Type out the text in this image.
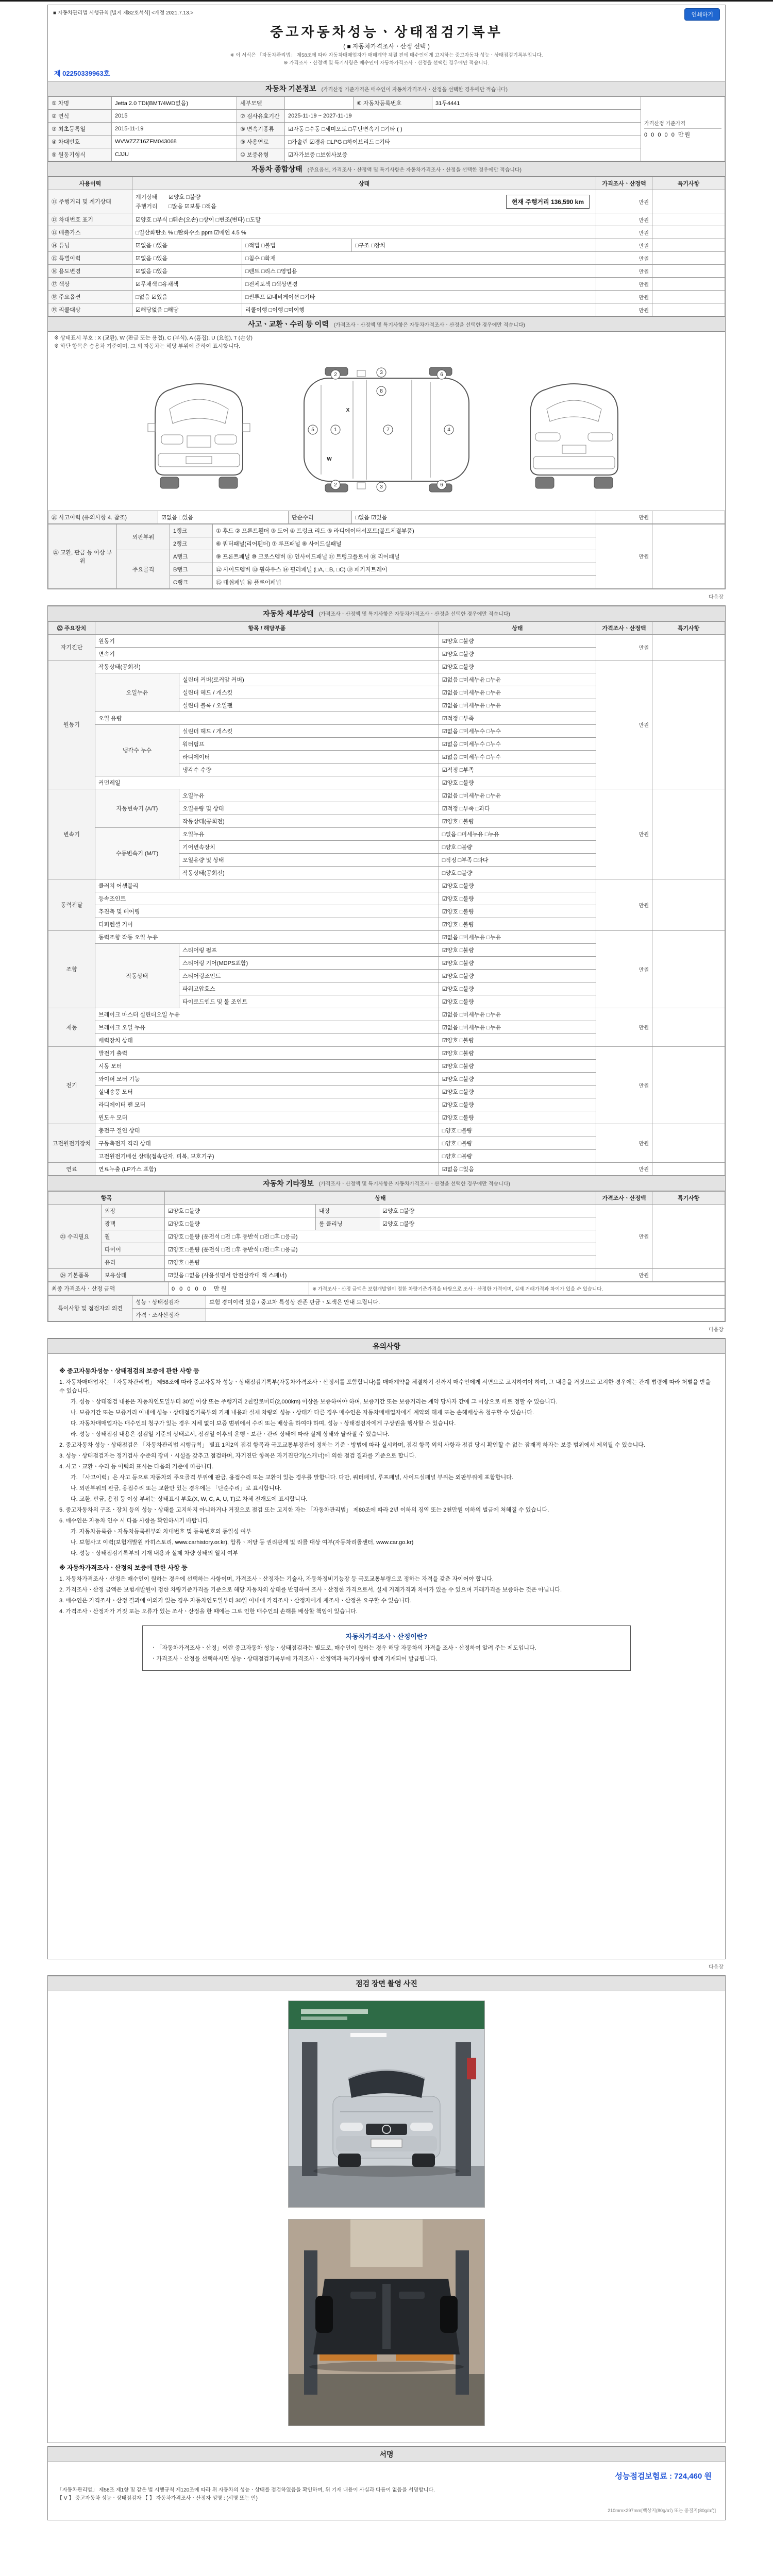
■ 자동차관리법 시행규칙 [별지 제82호서식] <개정 2021.7.13.>	인쇄하기
중고자동차성능ㆍ상태점검기록부
( ■ 자동차가격조사ㆍ산정 선택 )
※ 이 서식은 「자동차관리법」 제58조에 따라 자동차매매업자가 매매계약 체결 전에 매수인에게 고지하는 중고자동차 성능ㆍ상태점검기록부입니다.
※ 가격조사ㆍ산정액 및 특기사항은 매수인이 자동차가격조사ㆍ산정을 선택한 경우에만 적습니다.
제 02250339963호
자동차 기본정보 (가격산정 기준가격은 매수인이 자동차가격조사ㆍ산정을 선택한 경우에만 적습니다)
① 차명	Jetta 2.0 TDI(BMT/4WD없음)	세부모델		⑥ 자동차등록번호	31두4441	가격산정 기준가격
0 0 0 0 0 만원

② 연식	2015	⑦ 검사유효기간	2025-11-19 ~ 2027-11-19			
③ 최초등록일	2015-11-19	⑧ 변속기종류	☑자동 □수동 □세미오토 □무단변속기 □기타 ( )			
④ 차대번호	WVWZZZ16ZFM043068	⑨ 사용연료	□가솔린 ☑경유 □LPG □하이브리드 □기타			
⑤ 원동기형식	CJJU	⑩ 보증유형	☑자가보증 □보험사보증			
자동차 종합상태 (주요옵션, 가격조사ㆍ산정액 및 특기사항은 자동차가격조사ㆍ산정을 선택한 경우에만 적습니다)
사용이력	상태			가격조사ㆍ산정액	특기사항
⑪ 주행거리 및 계기상태	계기상태 ☑양호 □불량
주행거리 □많음 ☑보통 □적음
현재 주행거리 136,590 km			만원	
⑫ 차대번호 표기	☑양호 □부식 □훼손(오손) □상이 □변조(변타) □도말			만원	
⑬ 배출가스	□일산화탄소 % □탄화수소 ppm ☑매연 4.5 %			만원	
⑭ 튜닝	☑없음 □있음	□적법 □불법	□구조 □장치	만원	
⑮ 특별이력	☑없음 □있음	□침수 □화재		만원	
⑯ 용도변경	☑없음 □있음	□렌트 □리스 □영업용		만원	
⑰ 색상	☑무채색 □유채색	□전체도색 □색상변경		만원	
⑱ 주요옵션	□없음 ☑있음	□썬루프 ☑네비게이션 □기타		만원	
⑲ 리콜대상	☑해당없음 □해당	리콜이행 □이행 □미이행		만원	
사고ㆍ교환ㆍ수리 등 이력 (가격조사ㆍ산정액 및 특기사항은 자동차가격조사ㆍ산정을 선택한 경우에만 적습니다)
※ 상태표시 부호 : X (교환), W (판금 또는 용접), C (부식), A (흠집), U (요철), T (손상)
※ 하단 항목은 승용차 기준이며, 그 외 자동차는 해당 부위에 준하여 표시합니다.
5	1
2
2
3
3
7
8
6
6
4
X
W
⑳ 사고이력 (유의사항 4. 참조)	☑없음 □있음	단순수리	□없음 ☑있음	만원	
㉑ 교환, 판금 등 이상 부위	외판부위	1랭크	① 후드 ② 프론트휀더 ③ 도어 ④ 트렁크 리드 ⑤ 라디에이터서포트(볼트체결부품)	만원	
		2랭크	⑥ 쿼터패널(리어휀더) ⑦ 루프패널 ⑧ 사이드실패널		
	주요골격	A랭크	⑨ 프론트패널 ⑩ 크로스멤버 ⑪ 인사이드패널 ⑰ 트렁크플로어 ⑱ 리어패널		
		B랭크	⑫ 사이드멤버 ⑬ 휠하우스 ⑭ 필러패널 (□A, □B, □C) ⑲ 패키지트레이		
		C랭크	⑮ 대쉬패널 ⑯ 플로어패널		
다음장
자동차 세부상태 (가격조사ㆍ산정액 및 특기사항은 자동차가격조사ㆍ산정을 선택한 경우에만 적습니다)
㉒ 주요장치	항목 / 해당부품		상태	가격조사ㆍ산정액	특기사항
자기진단	원동기		☑양호 □불량	만원	
	변속기		☑양호 □불량		
원동기	작동상태(공회전)		☑양호 □불량	만원	
	오일누유	실린더 커버(로커암 커버)	☑없음 □미세누유 □누유		
		실린더 헤드 / 개스킷	☑없음 □미세누유 □누유		
		실린더 블록 / 오일팬	☑없음 □미세누유 □누유		
	오일 유량		☑적정 □부족		
	냉각수 누수	실린더 헤드 / 개스킷	☑없음 □미세누수 □누수		
		워터펌프	☑없음 □미세누수 □누수		
		라디에이터	☑없음 □미세누수 □누수		
		냉각수 수량	☑적정 □부족		
	커먼레일		☑양호 □불량		
변속기	자동변속기 (A/T)	오일누유	☑없음 □미세누유 □누유	만원	
		오일유량 및 상태	☑적정 □부족 □과다		
		작동상태(공회전)	☑양호 □불량		
	수동변속기 (M/T)	오일누유	□없음 □미세누유 □누유		
		기어변속장치	□양호 □불량		
		오일유량 및 상태	□적정 □부족 □과다		
		작동상태(공회전)	□양호 □불량		
동력전달	클러치 어셈블리		☑양호 □불량	만원	
	등속조인트		☑양호 □불량		
	추진축 및 베어링		☑양호 □불량		
	디퍼렌셜 기어		☑양호 □불량		
조향	동력조향 작동 오일 누유		☑없음 □미세누유 □누유	만원	
	작동상태	스티어링 펌프	☑양호 □불량		
		스티어링 기어(MDPS포함)	☑양호 □불량		
		스티어링조인트	☑양호 □불량		
		파워고압호스	☑양호 □불량		
		타이로드엔드 및 볼 조인트	☑양호 □불량		
제동	브레이크 마스터 실린더오일 누유		☑없음 □미세누유 □누유	만원	
	브레이크 오일 누유		☑없음 □미세누유 □누유		
	배력장치 상태		☑양호 □불량		
전기	발전기 출력		☑양호 □불량	만원	
	시동 모터		☑양호 □불량		
	와이퍼 모터 기능		☑양호 □불량		
	실내송풍 모터		☑양호 □불량		
	라디에이터 팬 모터		☑양호 □불량		
	윈도우 모터		☑양호 □불량		
고전원전기장치	충전구 절연 상태		□양호 □불량	만원	
	구동축전지 격리 상태		□양호 □불량		
	고전원전기배선 상태(접속단자, 피복, 보호기구)		□양호 □불량		
연료	연료누출 (LP가스 포함)		☑없음 □있음	만원	
자동차 기타정보 (가격조사ㆍ산정액 및 특기사항은 자동차가격조사ㆍ산정을 선택한 경우에만 적습니다)
항목		상태			가격조사ㆍ산정액	특기사항
㉓ 수리필요	외장	☑양호 □불량	내장	☑양호 □불량	만원	
	광택	☑양호 □불량	룸 클리닝	☑양호 □불량		
	휠	☑양호 □불량 (운전석 □전 □후 동반석 □전 □후 □응급)				
	타이어	☑양호 □불량 (운전석 □전 □후 동반석 □전 □후 □응급)				
	유리	☑양호 □불량				
㉔ 기본품목	보유상태	☑있음 □없음 (사용설명서 안전삼각대 잭 스패너)			만원	
최종 가격조사ㆍ산정 금액	0 0 0 0 0 만원	※ 가격조사ㆍ산정 금액은 보험개발원이 정한 차량기준가격을 바탕으로 조사ㆍ산정한 가격이며, 실제 거래가격과 차이가 있을 수 있습니다.
특이사항 및 점검자의 의견	성능ㆍ상태점검자	보험 경미이력 있음 / 중고차 특성상 잔존 판금ㆍ도색은 안내 드립니다.
	가격ㆍ조사산정자	
다음장
유의사항

※ 중고자동차성능ㆍ상태점검의 보증에 관한 사항 등

1. 자동차매매업자는 「자동차관리법」 제58조에 따라 중고자동차 성능ㆍ상태점검기록부(자동차가격조사ㆍ산정서를 포함합니다)를 매매계약을 체결하기 전까지 매수인에게 서면으로 고지하여야 하며, 그 내용을 거짓으로 고지한 경우에는 관계 법령에 따라 처벌을 받을 수 있습니다.

가. 성능ㆍ상태점검 내용은 자동차인도일부터 30일 이상 또는 주행거리 2천킬로미터(2,000km) 이상을 보증하여야 하며, 보증기간 또는 보증거리는 계약 당사자 간에 그 이상으로 따로 정할 수 있습니다.

나. 보증기간 또는 보증거리 이내에 성능ㆍ상태점검기록부의 기재 내용과 실제 차량의 성능ㆍ상태가 다른 경우 매수인은 자동차매매업자에게 계약의 해제 또는 손해배상을 청구할 수 있습니다.

다. 자동차매매업자는 매수인의 청구가 있는 경우 지체 없이 보증 범위에서 수리 또는 배상을 하여야 하며, 성능ㆍ상태점검자에게 구상권을 행사할 수 있습니다.

라. 성능ㆍ상태점검 내용은 점검일 기준의 상태로서, 점검일 이후의 운행ㆍ보관ㆍ관리 상태에 따라 실제 상태와 달라질 수 있습니다.

2. 중고자동차 성능ㆍ상태점검은 「자동차관리법 시행규칙」 별표 1의2의 점검 항목과 국토교통부장관이 정하는 기준ㆍ방법에 따라 실시하며, 점검 항목 외의 사항과 점검 당시 확인할 수 없는 잠재적 하자는 보증 범위에서 제외될 수 있습니다.

3. 성능ㆍ상태점검자는 정기검사 수준의 장비ㆍ시설을 갖추고 점검하며, 자기진단 항목은 자기진단기(스캐너)에 의한 점검 결과를 기준으로 합니다.

4. 사고ㆍ교환ㆍ수리 등 이력의 표시는 다음의 기준에 따릅니다.

가. 「사고이력」은 사고 등으로 자동차의 주요골격 부위에 판금, 용접수리 또는 교환이 있는 경우를 말합니다. 다만, 쿼터패널, 루프패널, 사이드실패널 부위는 외판부위에 포함합니다.

나. 외판부위의 판금, 용접수리 또는 교환만 있는 경우에는 「단순수리」로 표시합니다.

다. 교환, 판금, 용접 등 이상 부위는 상태표시 부호(X, W, C, A, U, T)로 차체 전개도에 표시합니다.

5. 중고자동차의 구조ㆍ장치 등의 성능ㆍ상태를 고지하지 아니하거나 거짓으로 점검 또는 고지한 자는 「자동차관리법」 제80조에 따라 2년 이하의 징역 또는 2천만원 이하의 벌금에 처해질 수 있습니다.

6. 매수인은 자동차 인수 시 다음 사항을 확인하시기 바랍니다.

가. 자동차등록증ㆍ자동차등록원부와 차대번호 및 등록번호의 동일성 여부

나. 보험사고 이력(보험개발원 카히스토리, www.carhistory.or.kr), 압류ㆍ저당 등 권리관계 및 리콜 대상 여부(자동차리콜센터, www.car.go.kr)

다. 성능ㆍ상태점검기록부의 기재 내용과 실제 차량 상태의 일치 여부

※ 자동차가격조사ㆍ산정의 보증에 관한 사항 등

1. 자동차가격조사ㆍ산정은 매수인이 원하는 경우에 선택하는 사항이며, 가격조사ㆍ산정자는 기술사, 자동차정비기능장 등 국토교통부령으로 정하는 자격을 갖춘 자이어야 합니다.

2. 가격조사ㆍ산정 금액은 보험개발원이 정한 차량기준가격을 기준으로 해당 자동차의 상태를 반영하여 조사ㆍ산정한 가격으로서, 실제 거래가격과 차이가 있을 수 있으며 거래가격을 보증하는 것은 아닙니다.

3. 매수인은 가격조사ㆍ산정 결과에 이의가 있는 경우 자동차인도일부터 30일 이내에 가격조사ㆍ산정자에게 재조사ㆍ산정을 요구할 수 있습니다.

4. 가격조사ㆍ산정자가 거짓 또는 오류가 있는 조사ㆍ산정을 한 때에는 그로 인한 매수인의 손해를 배상할 책임이 있습니다.

자동차가격조사ㆍ산정이란?

ㆍ「자동차가격조사ㆍ산정」이란 중고자동차 성능ㆍ상태점검과는 별도로, 매수인이 원하는 경우 해당 자동차의 가격을 조사ㆍ산정하여 알려 주는 제도입니다.

ㆍ가격조사ㆍ산정을 선택하시면 성능ㆍ상태점검기록부에 가격조사ㆍ산정액과 특기사항이 함께 기재되어 발급됩니다.

다음장
점검 장면 촬영 사진
서명
성능점검보험료 : 724,460 원
「자동차관리법」 제58조 제1항 및 같은 법 시행규칙 제120조에 따라 위 자동차의 성능ㆍ상태를 점검하였음을 확인하며, 위 기재 내용이 사실과 다름이 없음을 서명합니다.
【 V 】 중고자동차 성능ㆍ상태점검자 【 】 자동차가격조사ㆍ산정자 성명 : (서명 또는 인)
210mm×297mm[백상지(80g/㎡) 또는 중질지(80g/㎡)]
